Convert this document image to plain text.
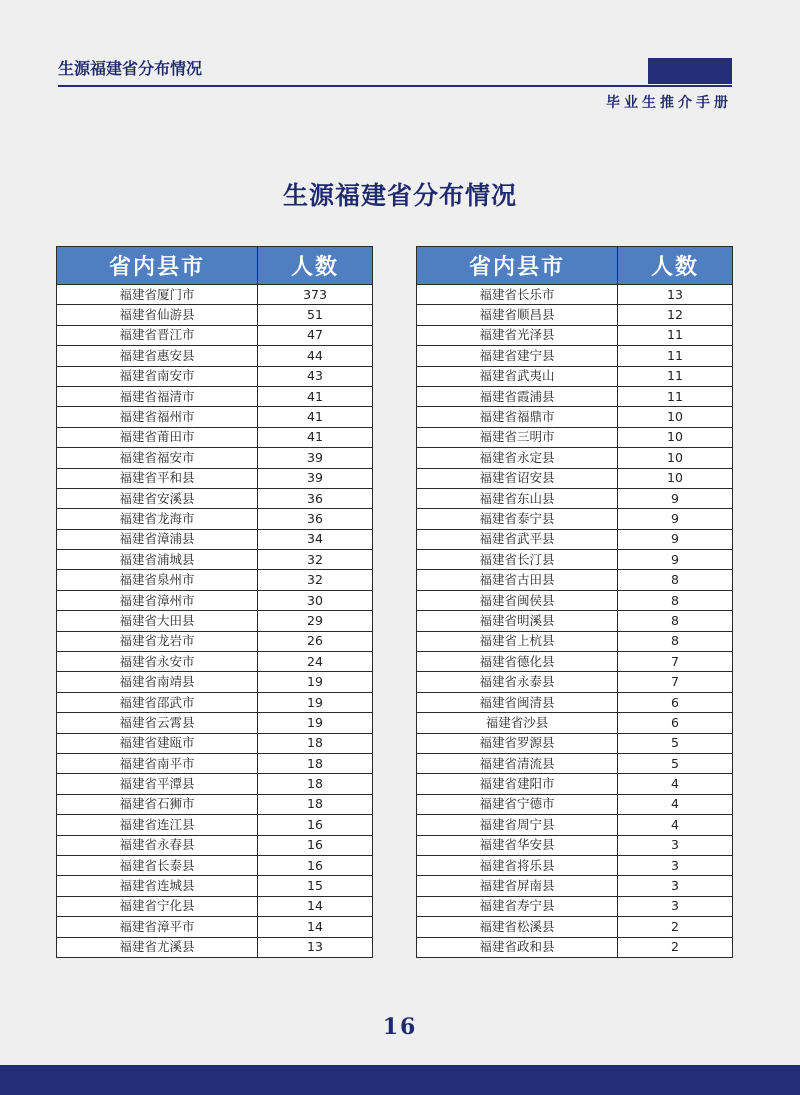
生源福建省分布情况
毕业生推介手册
生源福建省分布情况
省内县市	人数
福建省厦门市	373
福建省仙游县	51
福建省晋江市	47
福建省惠安县	44
福建省南安市	43
福建省福清市	41
福建省福州市	41
福建省莆田市	41
福建省福安市	39
福建省平和县	39
福建省安溪县	36
福建省龙海市	36
福建省漳浦县	34
福建省浦城县	32
福建省泉州市	32
福建省漳州市	30
福建省大田县	29
福建省龙岩市	26
福建省永安市	24
福建省南靖县	19
福建省邵武市	19
福建省云霄县	19
福建省建瓯市	18
福建省南平市	18
福建省平潭县	18
福建省石狮市	18
福建省连江县	16
福建省永春县	16
福建省长泰县	16
福建省连城县	15
福建省宁化县	14
福建省漳平市	14
福建省尤溪县	13
省内县市	人数
福建省长乐市	13
福建省顺昌县	12
福建省光泽县	11
福建省建宁县	11
福建省武夷山	11
福建省霞浦县	11
福建省福鼎市	10
福建省三明市	10
福建省永定县	10
福建省诏安县	10
福建省东山县	9
福建省泰宁县	9
福建省武平县	9
福建省长汀县	9
福建省古田县	8
福建省闽侯县	8
福建省明溪县	8
福建省上杭县	8
福建省德化县	7
福建省永泰县	7
福建省闽清县	6
福建省沙县	6
福建省罗源县	5
福建省清流县	5
福建省建阳市	4
福建省宁德市	4
福建省周宁县	4
福建省华安县	3
福建省将乐县	3
福建省屏南县	3
福建省寿宁县	3
福建省松溪县	2
福建省政和县	2
16
